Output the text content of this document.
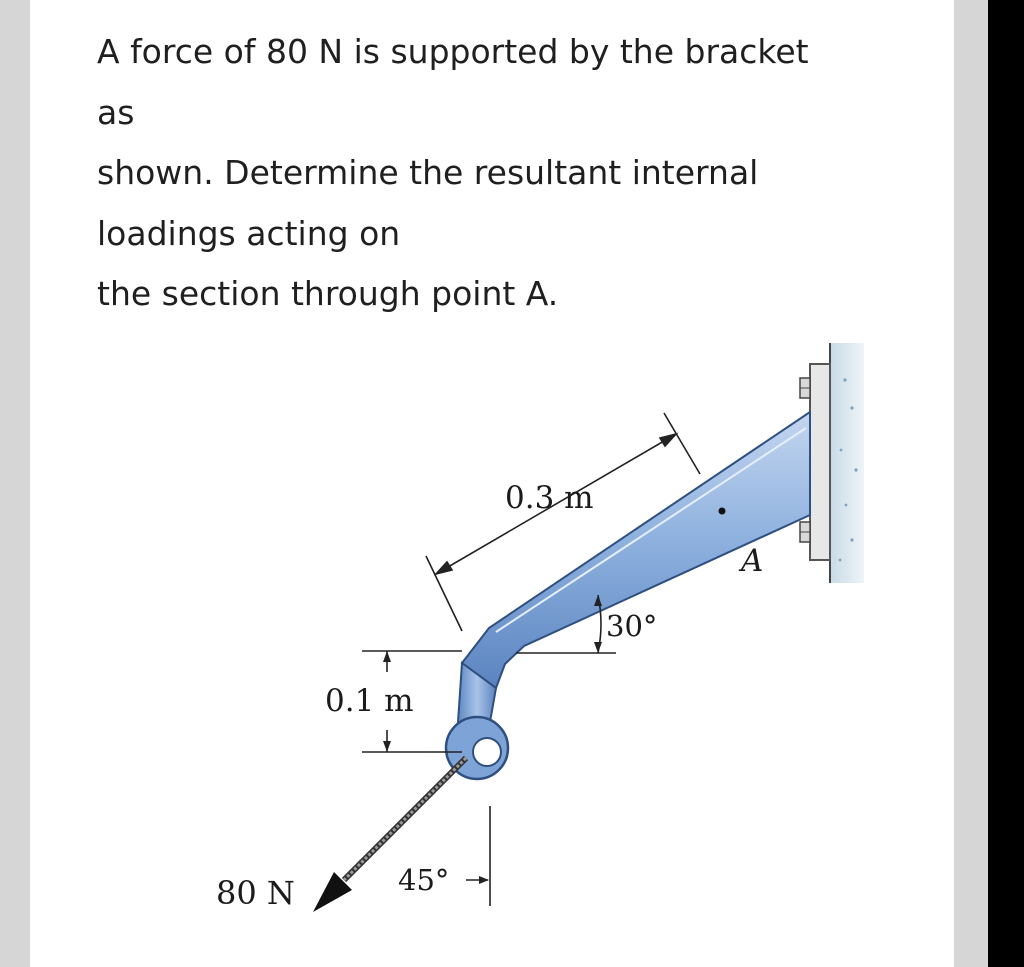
A force of 80 N is supported by the bracket
as
shown. Determine the resultant internal
loadings acting on
the section through point A.
0.3 m
0.1 m
30°
45°
80 N
A
